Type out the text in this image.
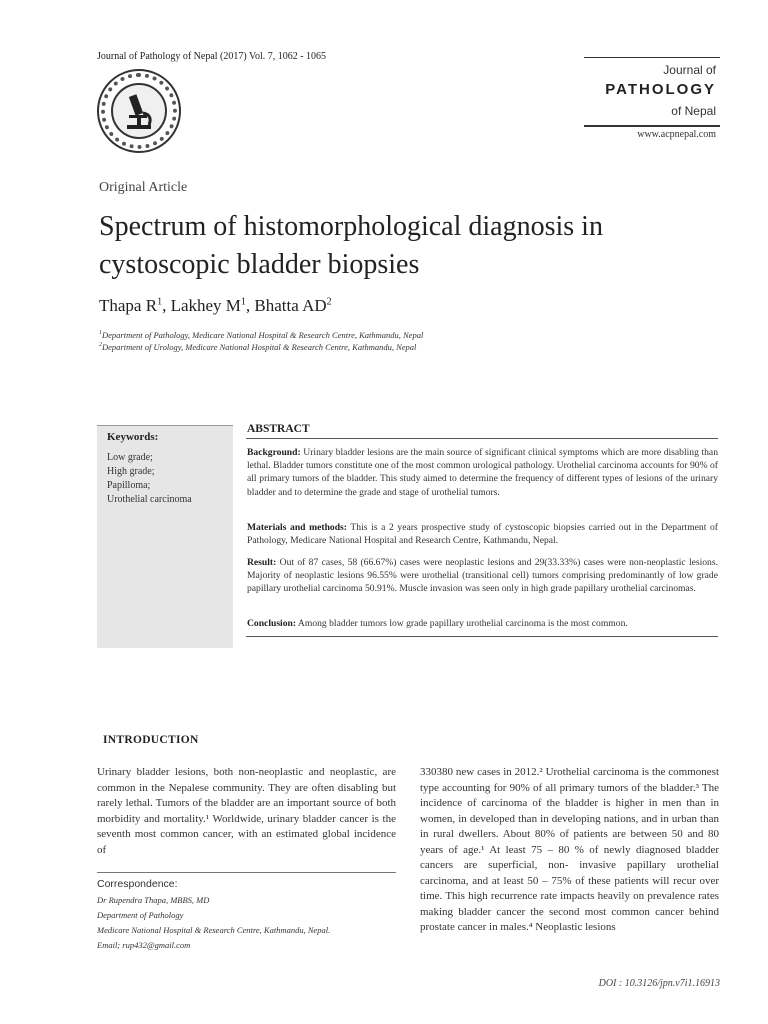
Journal of Pathology of Nepal (2017) Vol. 7, 1062 - 1065
Journal of
PATHOLOGY
of Nepal
www.acpnepal.com
Original Article
Spectrum of histomorphological diagnosis in cystoscopic bladder biopsies
Thapa $R^1$, Lakhey $M^1$, Bhatta $AD^2$
$^1$Department of Pathology, Medicare National Hospital & Research Centre, Kathmandu, Nepal
$^2$Department of Urology, Medicare National Hospital & Research Centre, Kathmandu, Nepal
Keywords:
Low grade;
High grade;
Papilloma;
Urothelial carcinoma
ABSTRACT
Background: Urinary bladder lesions are the main source of significant clinical symptoms which are more disabling than lethal. Bladder tumors constitute one of the most common urological pathology. Urothelial carcinoma accounts for 90% of all primary tumors of the bladder. This study aimed to determine the frequency of different types of lesions of the urinary bladder and to determine the grade and stage of urothelial tumors.
Materials and methods: This is a 2 years prospective study of cystoscopic biopsies carried out in the Department of Pathology, Medicare National Hospital and Research Centre, Kathmandu, Nepal.
Result: Out of 87 cases, 58 (66.67%) cases were neoplastic lesions and 29(33.33%) cases were non-neoplastic lesions. Majority of neoplastic lesions 96.55% were urothelial (transitional cell) tumors comprising predominantly of low grade papillary urothelial carcinoma 50.91%. Muscle invasion was seen only in high grade papillary urothelial carcinomas.
Conclusion: Among bladder tumors low grade papillary urothelial carcinoma is the most common.
INTRODUCTION
Urinary bladder lesions, both non-neoplastic and neoplastic, are common in the Nepalese community. They are often disabling but rarely lethal. Tumors of the bladder are an important source of both morbidity and mortality.¹ Worldwide, urinary bladder cancer is the seventh most common cancer, with an estimated global incidence of
330380 new cases in 2012.² Urothelial carcinoma is the commonest type accounting for 90% of all primary tumors of the bladder.³ The incidence of carcinoma of the bladder is higher in men than in women, in developed than in developing nations, and in urban than in rural dwellers. About 80% of patients are between 50 and 80 years of age.¹ At least 75 – 80 % of newly diagnosed bladder cancers are superficial, non- invasive papillary urothelial carcinoma, and at least 50 – 75% of these patients will recur over time. This high recurrence rate impacts heavily on prevalence rates making bladder cancer the second most common cancer behind prostate cancer in males.⁴ Neoplastic lesions
Correspondence:
Dr Rupendra Thapa, MBBS, MD
Department of Pathology
Medicare National Hospital & Research Centre, Kathmandu, Nepal.
Email; rup432@gmail.com
DOI : 10.3126/jpn.v7i1.16913
